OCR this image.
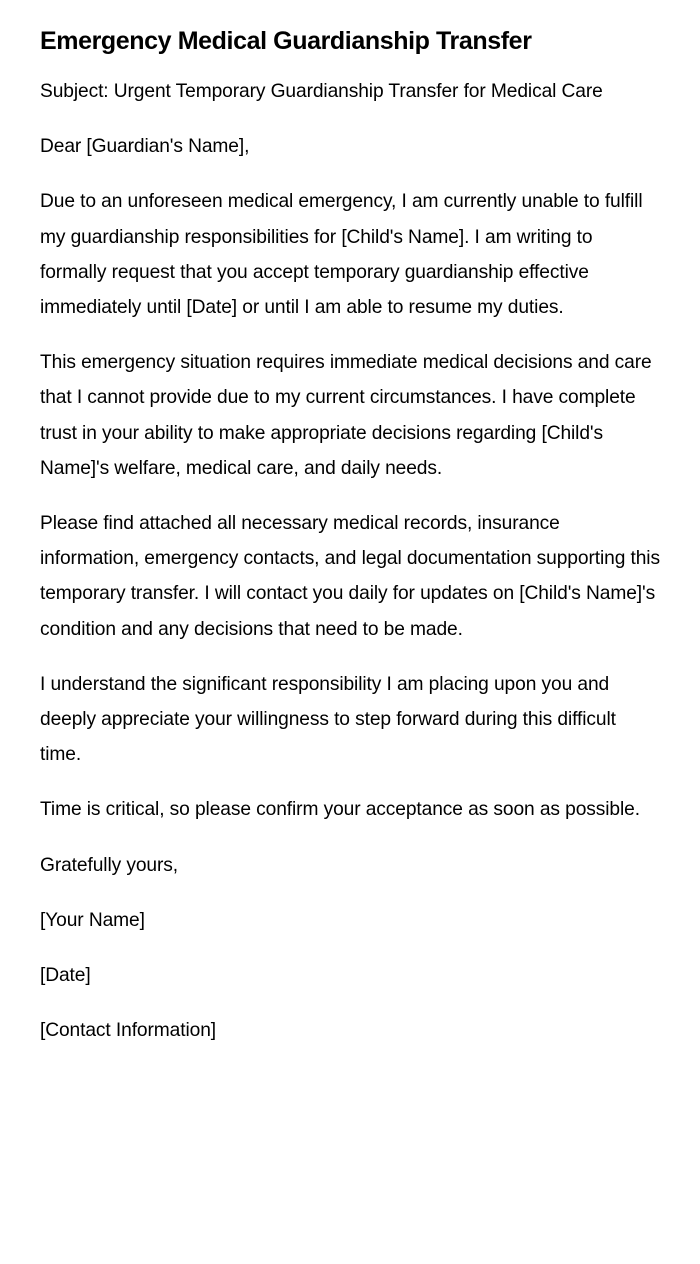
Emergency Medical Guardianship Transfer

Subject: Urgent Temporary Guardianship Transfer for Medical Care

Dear [Guardian's Name],

Due to an unforeseen medical emergency, I am currently unable to fulfill my guardianship responsibilities for [Child's Name]. I am writing to formally request that you accept temporary guardianship effective immediately until [Date] or until I am able to resume my duties.

This emergency situation requires immediate medical decisions and care that I cannot provide due to my current circumstances. I have complete trust in your ability to make appropriate decisions regarding [Child's Name]'s welfare, medical care, and daily needs.

Please find attached all necessary medical records, insurance information, emergency contacts, and legal documentation supporting this temporary transfer. I will contact you daily for updates on [Child's Name]'s condition and any decisions that need to be made.

I understand the significant responsibility I am placing upon you and deeply appreciate your willingness to step forward during this difficult time.

Time is critical, so please confirm your acceptance as soon as possible.

Gratefully yours,

[Your Name]

[Date]

[Contact Information]
